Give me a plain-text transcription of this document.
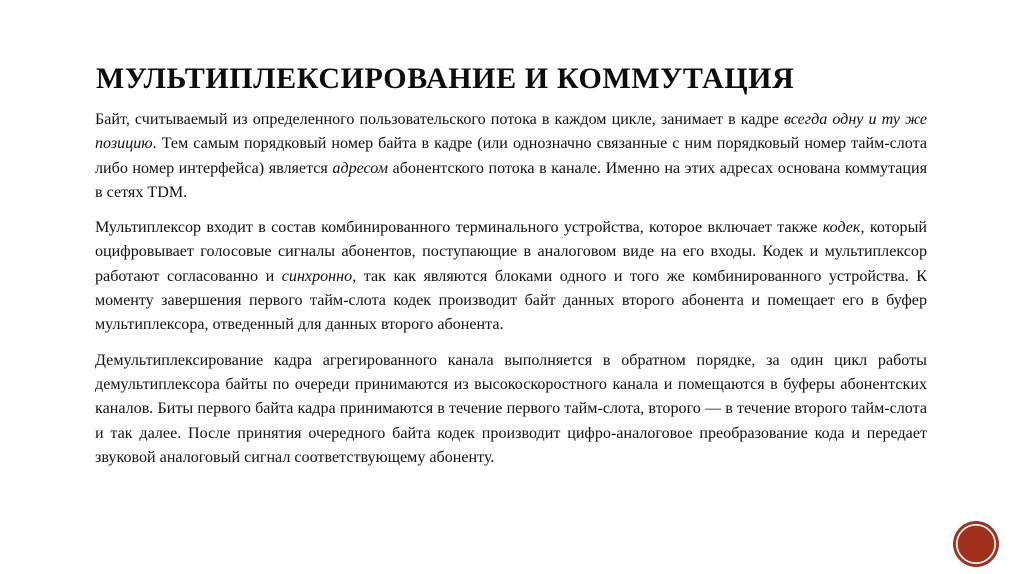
МУЛЬТИПЛЕКСИРОВАНИЕ И КОММУТАЦИЯ

Байт, считываемый из определенного пользовательского потока в каждом цикле, занимает в кадре всегда одну и ту же позицию. Тем самым порядковый номер байта в кадре (или однозначно связанные с ним порядковый номер тайм-слота либо номер интерфейса) является адресом абонентского потока в канале. Именно на этих адресах основана коммутация в сетях TDM.

Мультиплексор входит в состав комбинированного терминального устройства, которое включает также кодек, который оцифровывает голосовые сигналы абонентов, поступающие в аналоговом виде на его входы. Кодек и мультиплексор работают согласованно и синхронно, так как являются блоками одного и того же комбинированного устройства. К моменту завершения первого тайм-слота кодек производит байт данных второго абонента и помещает его в буфер мультиплексора, отведенный для данных второго абонента.

Демультиплексирование кадра агрегированного канала выполняется в обратном порядке, за один цикл работы демультиплексора байты по очереди принимаются из высокоскоростного канала и помещаются в буферы абонентских каналов. Биты первого байта кадра принимаются в течение первого тайм-слота, второго — в течение второго тайм-слота и так далее. После принятия очередного байта кодек производит цифро-аналоговое преобразование кода и передает звуковой аналоговый сигнал соответствующему абоненту.

25
